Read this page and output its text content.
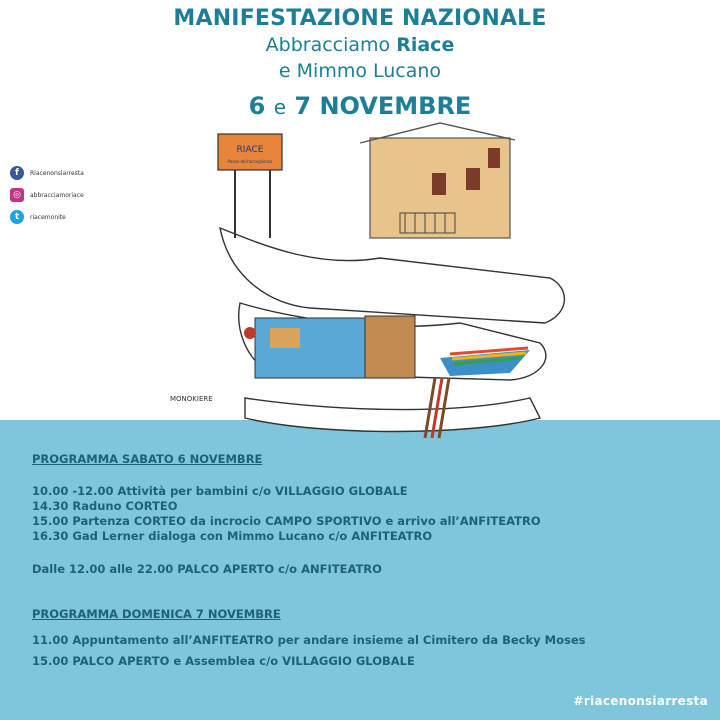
MANIFESTAZIONE NAZIONALE
Abbracciamo Riace
e Mimmo Lucano
6 e 7 NOVEMBRE
f	Riacenonsiarresta
◎	abbracciamoriace
t	riacemonite
RIACE
Paese dell'accoglienza
MONOKIERE
PROGRAMMA SABATO 6 NOVEMBRE
10.00 -12.00 Attività per bambini c/o VILLAGGIO GLOBALE
14.30 Raduno CORTEO
15.00 Partenza CORTEO da incrocio CAMPO SPORTIVO e arrivo all’ANFITEATRO
16.30 Gad Lerner dialoga con Mimmo Lucano c/o ANFITEATRO
Dalle 12.00 alle 22.00 PALCO APERTO c/o ANFITEATRO
PROGRAMMA DOMENICA 7 NOVEMBRE
11.00 Appuntamento all’ANFITEATRO per andare insieme al Cimitero da Becky Moses
15.00 PALCO APERTO e Assemblea c/o VILLAGGIO GLOBALE
#riacenonsiarresta
